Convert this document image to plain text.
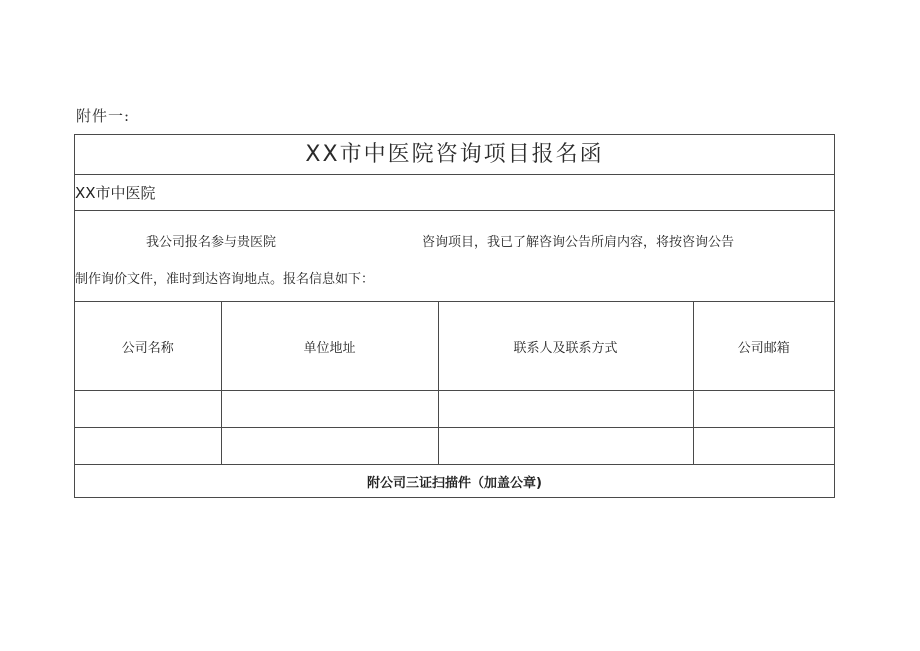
附件一:
XX市中医院咨询项目报名函
XX市中医院
我公司报名参与贵医院	咨询项目，我已了解咨询公告所肩内容，将按咨询公告
制作询价文件，准时到达咨询地点。报名信息如下：
公司名称	单位地址	联系人及联系方式	公司邮箱

附公司三证扫描件（加盖公章)			
